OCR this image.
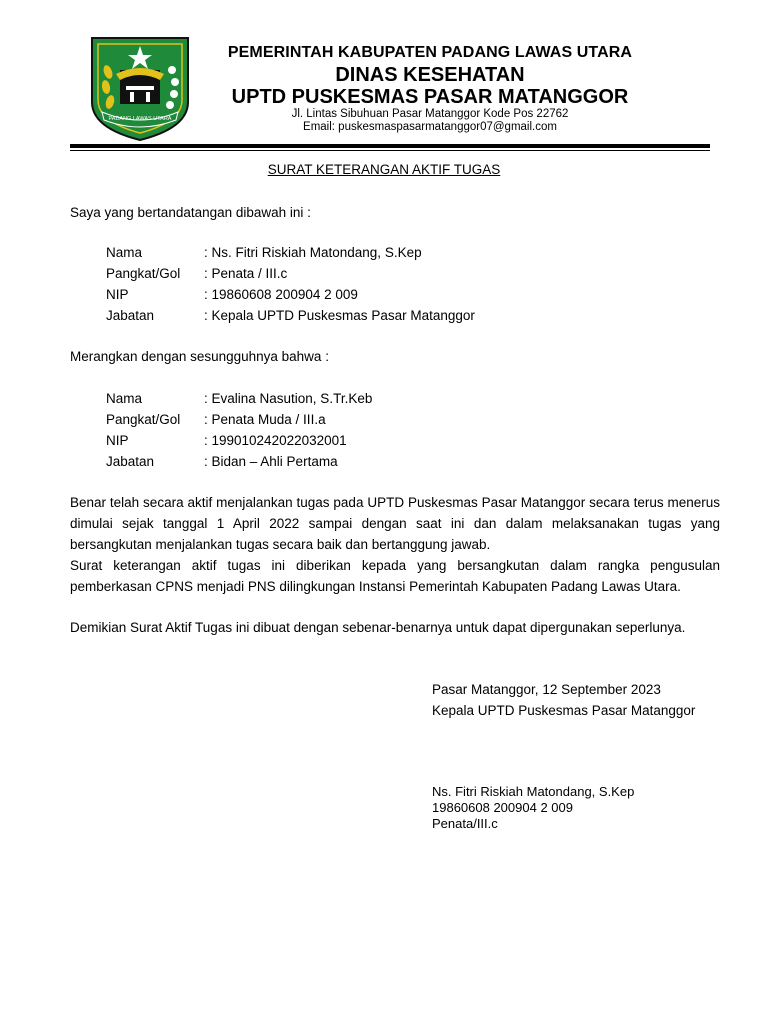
PADANG LAWAS UTARA
PEMERINTAH KABUPATEN PADANG LAWAS UTARA
DINAS KESEHATAN
UPTD PUSKESMAS PASAR MATANGGOR
Jl. Lintas Sibuhuan Pasar Matanggor Kode Pos 22762
Email: puskesmaspasarmatanggor07@gmail.com
SURAT KETERANGAN AKTIF TUGAS
Saya yang bertandatangan dibawah ini :
Nama	: Ns. Fitri Riskiah Matondang, S.Kep
Pangkat/Gol : Penata / III.c
NIP	: 19860608 200904 2 009
Jabatan	: Kepala UPTD Puskesmas Pasar Matanggor
Merangkan dengan sesungguhnya bahwa :
Nama	: Evalina Nasution, S.Tr.Keb
Pangkat/Gol : Penata Muda / III.a
NIP	: 199010242022032001
Jabatan	: Bidan – Ahli Pertama
Benar telah secara aktif menjalankan tugas pada UPTD Puskesmas Pasar Matanggor secara terus menerus dimulai sejak tanggal 1 April 2022 sampai dengan saat ini dan dalam melaksanakan tugas yang bersangkutan menjalankan tugas secara baik dan bertanggung jawab.
Surat keterangan aktif tugas ini diberikan kepada yang bersangkutan dalam rangka pengusulan pemberkasan CPNS menjadi PNS dilingkungan Instansi Pemerintah Kabupaten Padang Lawas Utara.
Demikian Surat Aktif Tugas ini dibuat dengan sebenar-benarnya untuk dapat dipergunakan seperlunya.
Pasar Matanggor, 12 September 2023
Kepala UPTD Puskesmas Pasar Matanggor
Ns. Fitri Riskiah Matondang, S.Kep
19860608 200904 2 009
Penata/III.c
